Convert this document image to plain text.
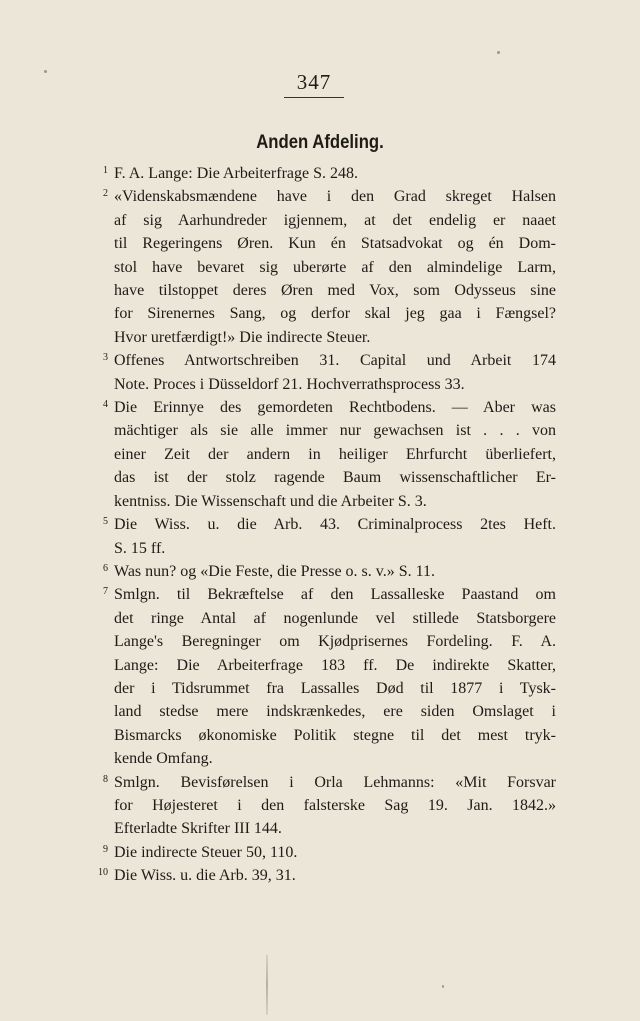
347
Anden Afdeling.
1 F. A. Lange: Die Arbeiterfrage S. 248.
2 «Videnskabsmændene have i den Grad skreget Halsen
af sig Aarhundreder igjennem, at det endelig er naaet
til Regeringens Øren. Kun én Statsadvokat og én Dom-
stol have bevaret sig uberørte af den almindelige Larm,
have tilstoppet deres Øren med Vox, som Odysseus sine
for Sirenernes Sang, og derfor skal jeg gaa i Fængsel?
Hvor uretfærdigt!» Die indirecte Steuer.
3 Offenes Antwortschreiben 31. Capital und Arbeit 174
Note. Proces i Düsseldorf 21. Hochverrathsprocess 33.
4 Die Erinnye des gemordeten Rechtbodens. — Aber was
mächtiger als sie alle immer nur gewachsen ist . . . von
einer Zeit der andern in heiliger Ehrfurcht überliefert,
das ist der stolz ragende Baum wissenschaftlicher Er-
kentniss. Die Wissenschaft und die Arbeiter S. 3.
5 Die Wiss. u. die Arb. 43. Criminalprocess 2tes Heft.
S. 15 ff.
6 Was nun? og «Die Feste, die Presse o. s. v.» S. 11.
7 Smlgn. til Bekræftelse af den Lassalleske Paastand om
det ringe Antal af nogenlunde vel stillede Statsborgere
Lange's Beregninger om Kjødprisernes Fordeling. F. A.
Lange: Die Arbeiterfrage 183 ff. De indirekte Skatter,
der i Tidsrummet fra Lassalles Død til 1877 i Tysk-
land stedse mere indskrænkedes, ere siden Omslaget i
Bismarcks økonomiske Politik stegne til det mest tryk-
kende Omfang.
8 Smlgn. Bevisførelsen i Orla Lehmanns: «Mit Forsvar
for Højesteret i den falsterske Sag 19. Jan. 1842.»
Efterladte Skrifter III 144.
9 Die indirecte Steuer 50, 110.
10 Die Wiss. u. die Arb. 39, 31.
